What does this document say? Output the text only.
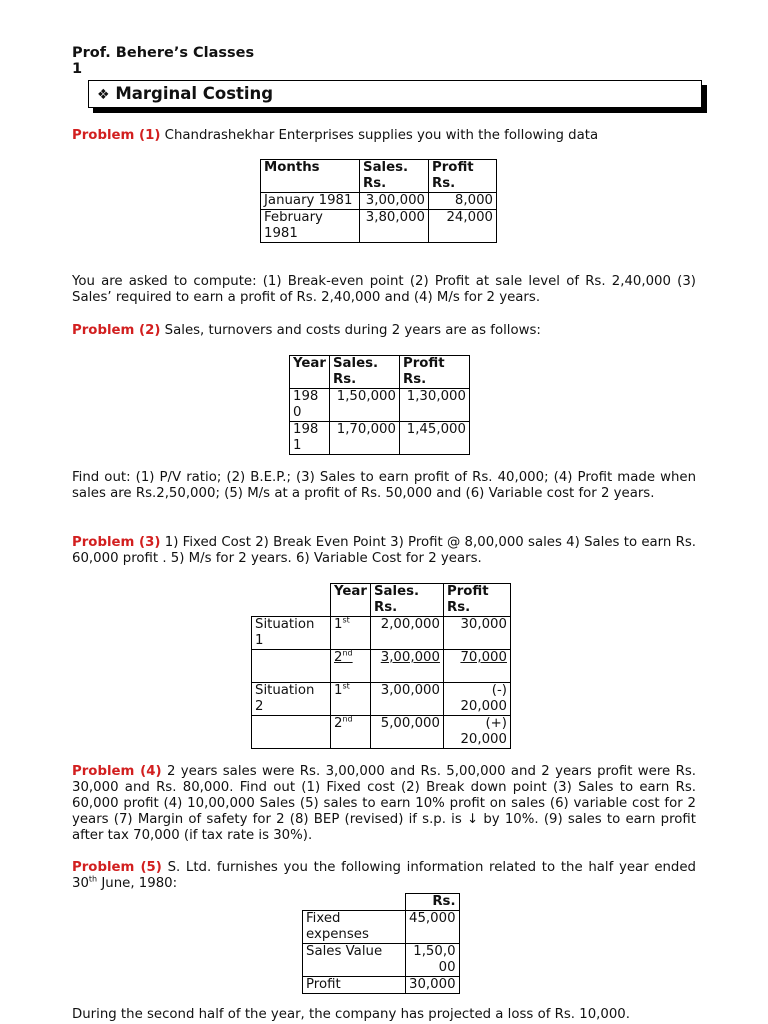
Prof. Behere’s Classes
1
❖ Marginal Costing
Problem (1) Chandrashekhar Enterprises supplies you with the following data
Months	Sales. Rs.	Profit Rs.
January 1981	3,00,000	8,000
February 1981	3,80,000	24,000
You are asked to compute: (1) Break-even point (2) Profit at sale level of Rs. 2,40,000 (3) Sales’ required to earn a profit of Rs. 2,40,000 and (4) M/s for 2 years.
Problem (2) Sales, turnovers and costs during 2 years are as follows:
Year	Sales. Rs.	Profit Rs.
1980	1,50,000	1,30,000
1981	1,70,000	1,45,000
Find out: (1) P/V ratio; (2) B.E.P.; (3) Sales to earn profit of Rs. 40,000; (4) Profit made when sales are Rs.2,50,000; (5) M/s at a profit of Rs. 50,000 and (6) Variable cost for 2 years.
Problem (3) 1) Fixed Cost 2) Break Even Point 3) Profit @ 8,00,000 sales 4) Sales to earn Rs. 60,000 profit . 5) M/s for 2 years. 6) Variable Cost for 2 years.
	Year	Sales. Rs.	Profit Rs.
Situation 1	1st	2,00,000	30,000
	2nd	3,00,000	70,000
Situation 2	1st	3,00,000	(-) 20,000
	2nd	5,00,000	(+) 20,000
Problem (4) 2 years sales were Rs. 3,00,000 and Rs. 5,00,000 and 2 years profit were Rs. 30,000 and Rs. 80,000. Find out (1) Fixed cost (2) Break down point (3) Sales to earn Rs. 60,000 profit (4) 10,00,000 Sales (5) sales to earn 10% profit on sales (6) variable cost for 2 years (7) Margin of safety for 2 (8) BEP (revised) if s.p. is ↓ by 10%. (9) sales to earn profit after tax 70,000 (if tax rate is 30%).
Problem (5) S. Ltd. furnishes you the following information related to the half year ended 30th June, 1980:
	Rs.
Fixed expenses	45,000
Sales Value	1,50,000
Profit	30,000
During the second half of the year, the company has projected a loss of Rs. 10,000.
